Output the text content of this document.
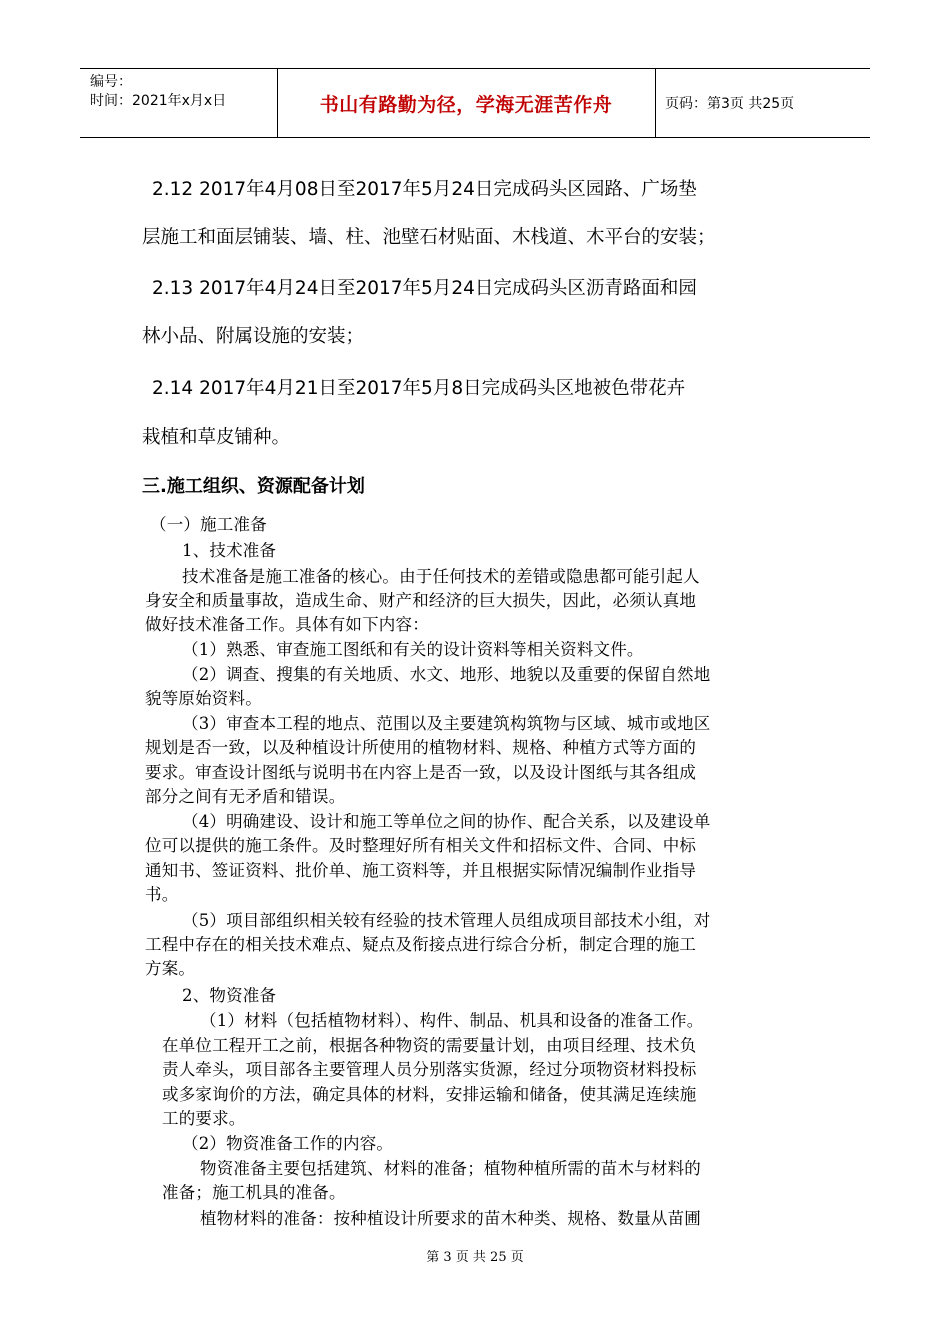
编号：
时间：2021年x月x日	书山有路勤为径，学海无涯苦作舟	页码：第3页 共25页
2.12 2017年4月08日至2017年5月24日完成码头区园路、广场垫
层施工和面层铺装、墙、柱、池壁石材贴面、木栈道、木平台的安装；
2.13 2017年4月24日至2017年5月24日完成码头区沥青路面和园
林小品、附属设施的安装；
2.14 2017年4月21日至2017年5月8日完成码头区地被色带花卉
栽植和草皮铺种。
三.施工组织、资源配备计划
（一）施工准备
1、技术准备
技术准备是施工准备的核心。由于任何技术的差错或隐患都可能引起人
身安全和质量事故，造成生命、财产和经济的巨大损失，因此，必须认真地
做好技术准备工作。具体有如下内容：
（1）熟悉、审查施工图纸和有关的设计资料等相关资料文件。
（2）调查、搜集的有关地质、水文、地形、地貌以及重要的保留自然地
貌等原始资料。
（3）审查本工程的地点、范围以及主要建筑构筑物与区域、城市或地区
规划是否一致，以及种植设计所使用的植物材料、规格、种植方式等方面的
要求。审查设计图纸与说明书在内容上是否一致，以及设计图纸与其各组成
部分之间有无矛盾和错误。
（4）明确建设、设计和施工等单位之间的协作、配合关系，以及建设单
位可以提供的施工条件。及时整理好所有相关文件和招标文件、合同、中标
通知书、签证资料、批价单、施工资料等，并且根据实际情况编制作业指导
书。
（5）项目部组织相关较有经验的技术管理人员组成项目部技术小组，对
工程中存在的相关技术难点、疑点及衔接点进行综合分析，制定合理的施工
方案。
2、物资准备
（1）材料（包括植物材料）、构件、制品、机具和设备的准备工作。
在单位工程开工之前，根据各种物资的需要量计划，由项目经理、技术负
责人牵头，项目部各主要管理人员分别落实货源，经过分项物资材料投标
或多家询价的方法，确定具体的材料，安排运输和储备，使其满足连续施
工的要求。
（2）物资准备工作的内容。
物资准备主要包括建筑、材料的准备；植物种植所需的苗木与材料的
准备；施工机具的准备。
植物材料的准备：按种植设计所要求的苗木种类、规格、数量从苗圃
第 3 页 共 25 页
